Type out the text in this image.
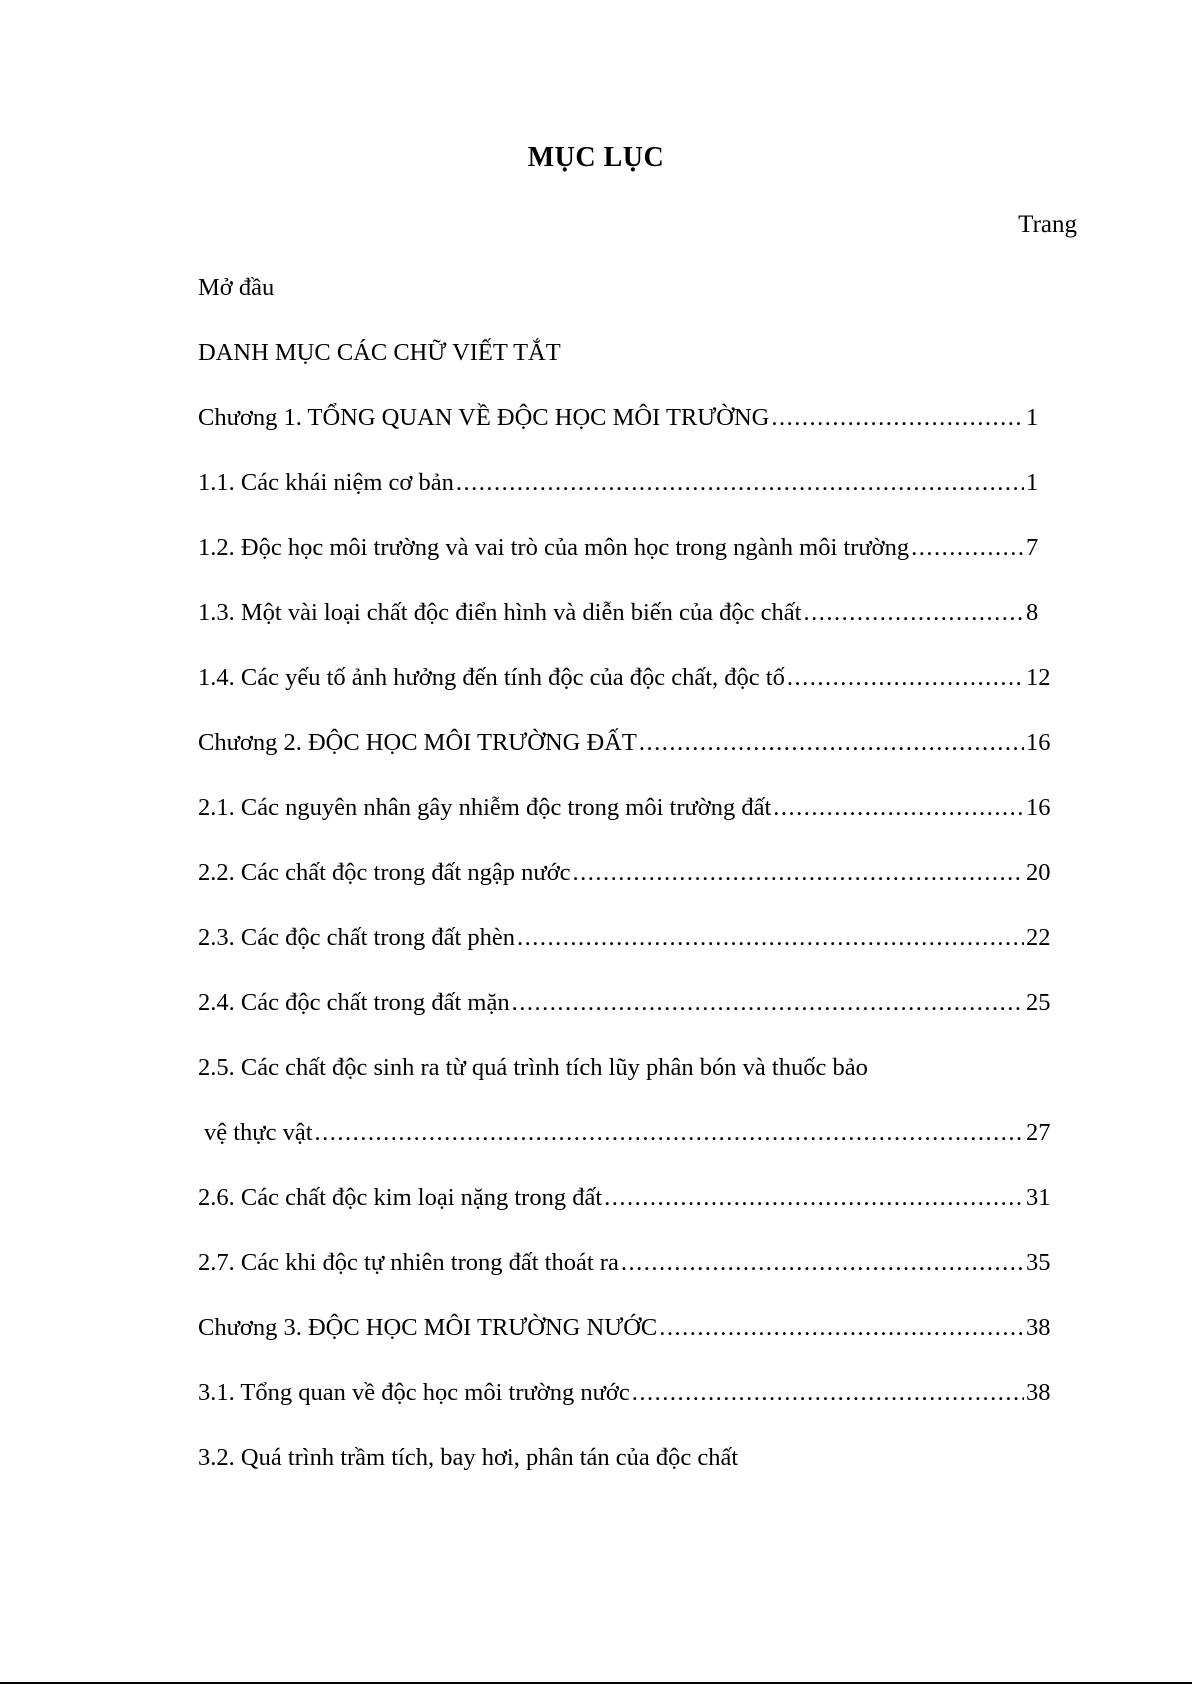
MỤC LỤC
Trang
Mở đầu
DANH MỤC CÁC CHỮ VIẾT TẮT
Chương 1. TỔNG QUAN VỀ ĐỘC HỌC MÔI TRƯỜNG .....	1
1.1. Các khái niệm cơ bản .....	1
1.2. Độc học môi trường và vai trò của môn học trong ngành môi trường .....	7
1.3. Một vài loại chất độc điển hình và diễn biến của độc chất .....	8
1.4. Các yếu tố ảnh hưởng đến tính độc của độc chất, độc tố .....	12
Chương 2. ĐỘC HỌC MÔI TRƯỜNG ĐẤT .....	16
2.1. Các nguyên nhân gây nhiễm độc trong môi trường đất .....	16
2.2. Các chất độc trong đất ngập nước .....	20
2.3. Các độc chất trong đất phèn .....	22
2.4. Các độc chất trong đất mặn .....	25
2.5. Các chất độc sinh ra từ quá trình tích lũy phân bón và thuốc bảo
vệ thực vật .....	27
2.6. Các chất độc kim loại nặng trong đất .....	31
2.7. Các khi độc tự nhiên trong đất thoát ra .....	35
Chương 3. ĐỘC HỌC MÔI TRƯỜNG NƯỚC .....	38
3.1. Tổng quan về độc học môi trường nước .....	38
3.2. Quá trình trầm tích, bay hơi, phân tán của độc chất
